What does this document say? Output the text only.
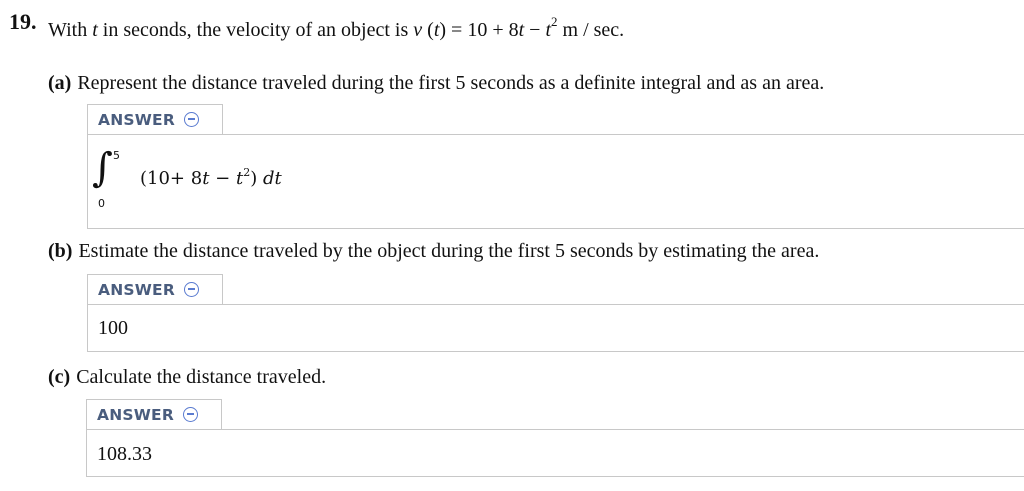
19. With t in seconds, the velocity of an object is v $(t) = 10 + 8t - t^2$ m / sec.
(a) Represent the distance traveled during the first 5 seconds as a definite integral and as an area.
ANSWER
∫ 5
0
$(10+ 8t - t^2)$ dt
(b) Estimate the distance traveled by the object during the first 5 seconds by estimating the area.
ANSWER
100
(c) Calculate the distance traveled.
ANSWER
108.33
